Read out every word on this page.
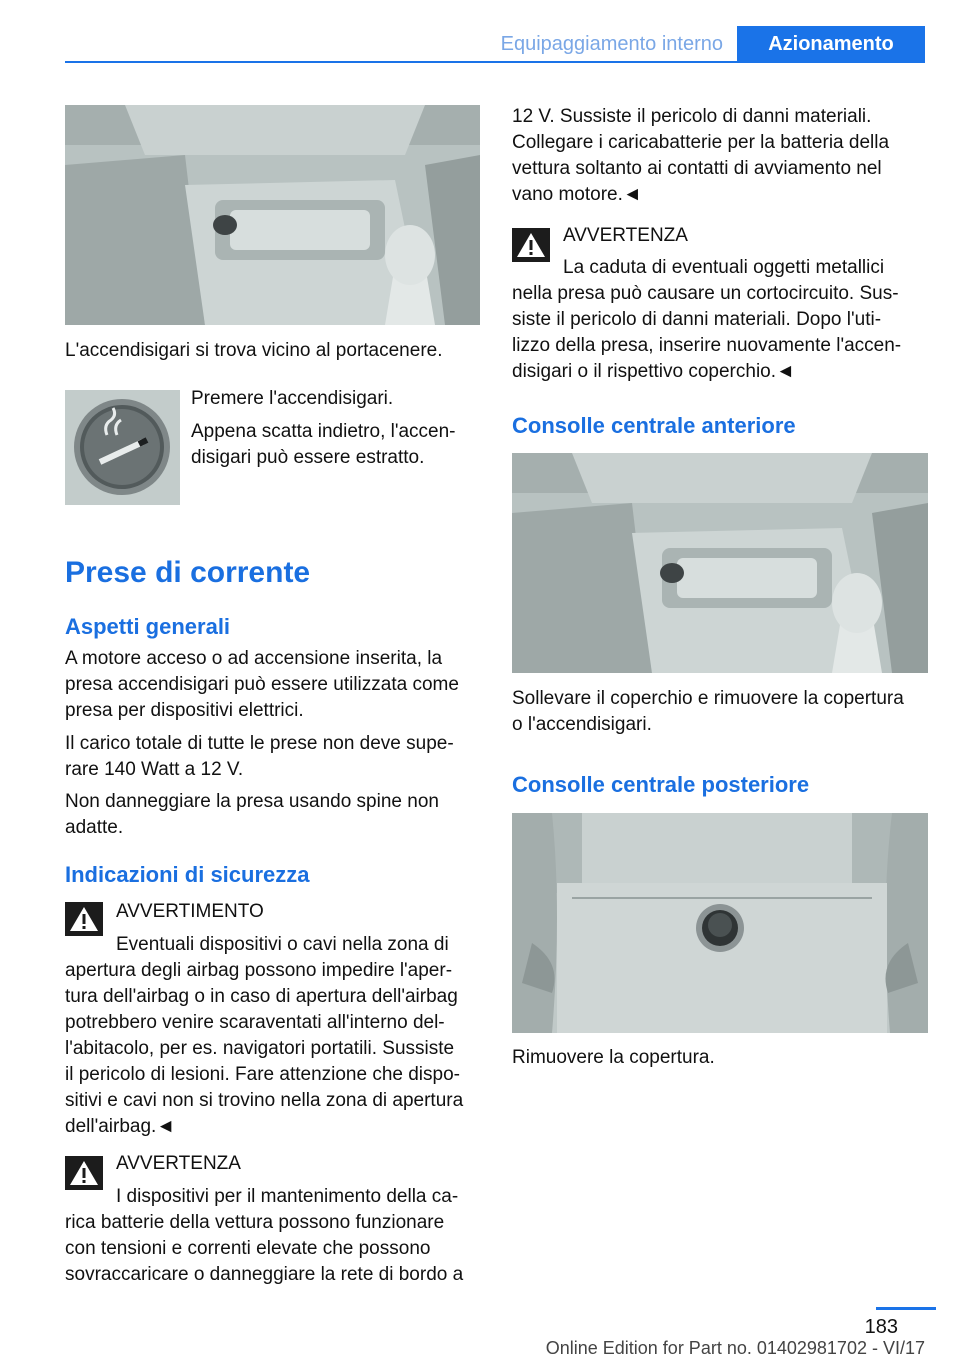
Equipaggiamento interno	Azionamento

L'accendisigari si trova vicino al portacenere.

Premere l'accendisigari.

Appena scatta indietro, l'accen-

disigari può essere estratto.

Prese di corrente
Aspetti generali

A motore acceso o ad accensione inserita, la

presa accendisigari può essere utilizzata come

presa per dispositivi elettrici.

Il carico totale di tutte le prese non deve supe-

rare 140 Watt a 12 V.

Non danneggiare la presa usando spine non

adatte.

Indicazioni di sicurezza

AVVERTIMENTO

Eventuali dispositivi o cavi nella zona di

apertura degli airbag possono impedire l'aper-

tura dell'airbag o in caso di apertura dell'airbag

potrebbero venire scaraventati all'interno del-

l'abitacolo, per es. navigatori portatili. Sussiste

il pericolo di lesioni. Fare attenzione che dispo-

sitivi e cavi non si trovino nella zona di apertura

dell'airbag.◄

AVVERTENZA

I dispositivi per il mantenimento della ca-

rica batterie della vettura possono funzionare

con tensioni e correnti elevate che possono

sovraccaricare o danneggiare la rete di bordo a

12 V. Sussiste il pericolo di danni materiali.

Collegare i caricabatterie per la batteria della

vettura soltanto ai contatti di avviamento nel

vano motore.◄

AVVERTENZA

La caduta di eventuali oggetti metallici

nella presa può causare un cortocircuito. Sus-

siste il pericolo di danni materiali. Dopo l'uti-

lizzo della presa, inserire nuovamente l'accen-

disigari o il rispettivo coperchio.◄

Consolle centrale anteriore

Sollevare il coperchio e rimuovere la copertura

o l'accendisigari.

Consolle centrale posteriore

Rimuovere la copertura.

183
Online Edition for Part no. 01402981702 - VI/17
